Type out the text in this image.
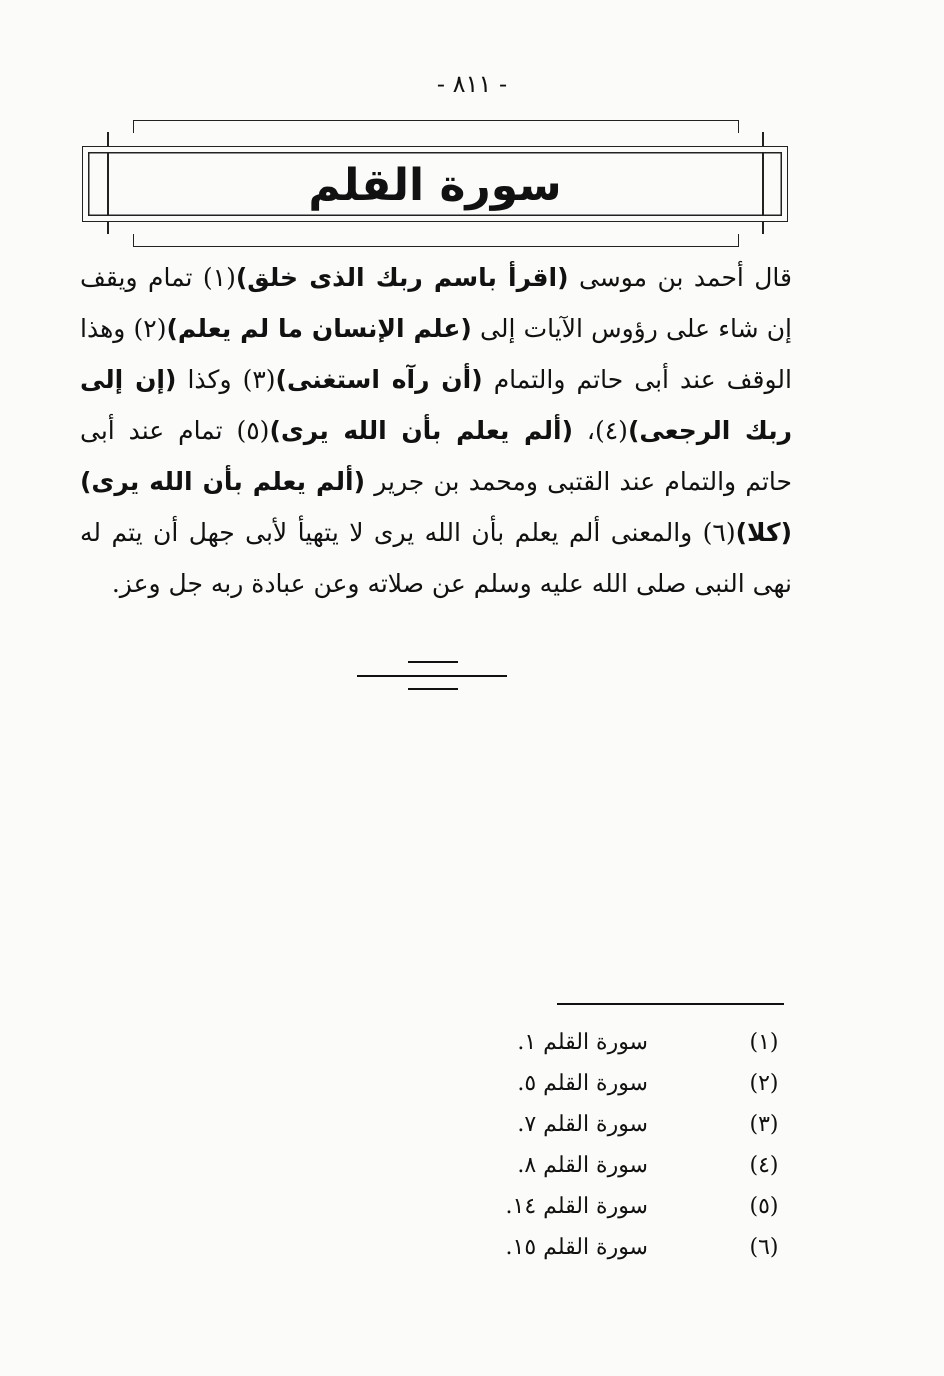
- ٨١١ -
سورة القلم
قال أحمد بن موسى (اقرأ باسم ربك الذى خلق)(١) تمام ويقف إن شاء على رؤوس الآيات إلى (علم الإنسان ما لم يعلم)(٢) وهذا الوقف عند أبى حاتم والتمام (أن رآه استغنى)(٣) وكذا (إن إلى ربك الرجعى)(٤)، (ألم يعلم بأن الله يرى)(٥) تمام عند أبى حاتم والتمام عند القتبى ومحمد بن جرير (ألم يعلم بأن الله يرى) (كلا)(٦) والمعنى ألم يعلم بأن الله يرى لا يتهيأ لأبى جهل أن يتم له نهى النبى صلى الله عليه وسلم عن صلاته وعن عبادة ربه جل وعز.
(١)
سورة القلم ١.
(٢)
سورة القلم ٥.
(٣)
سورة القلم ٧.
(٤)
سورة القلم ٨.
(٥)
سورة القلم ١٤.
(٦)
سورة القلم ١٥.
